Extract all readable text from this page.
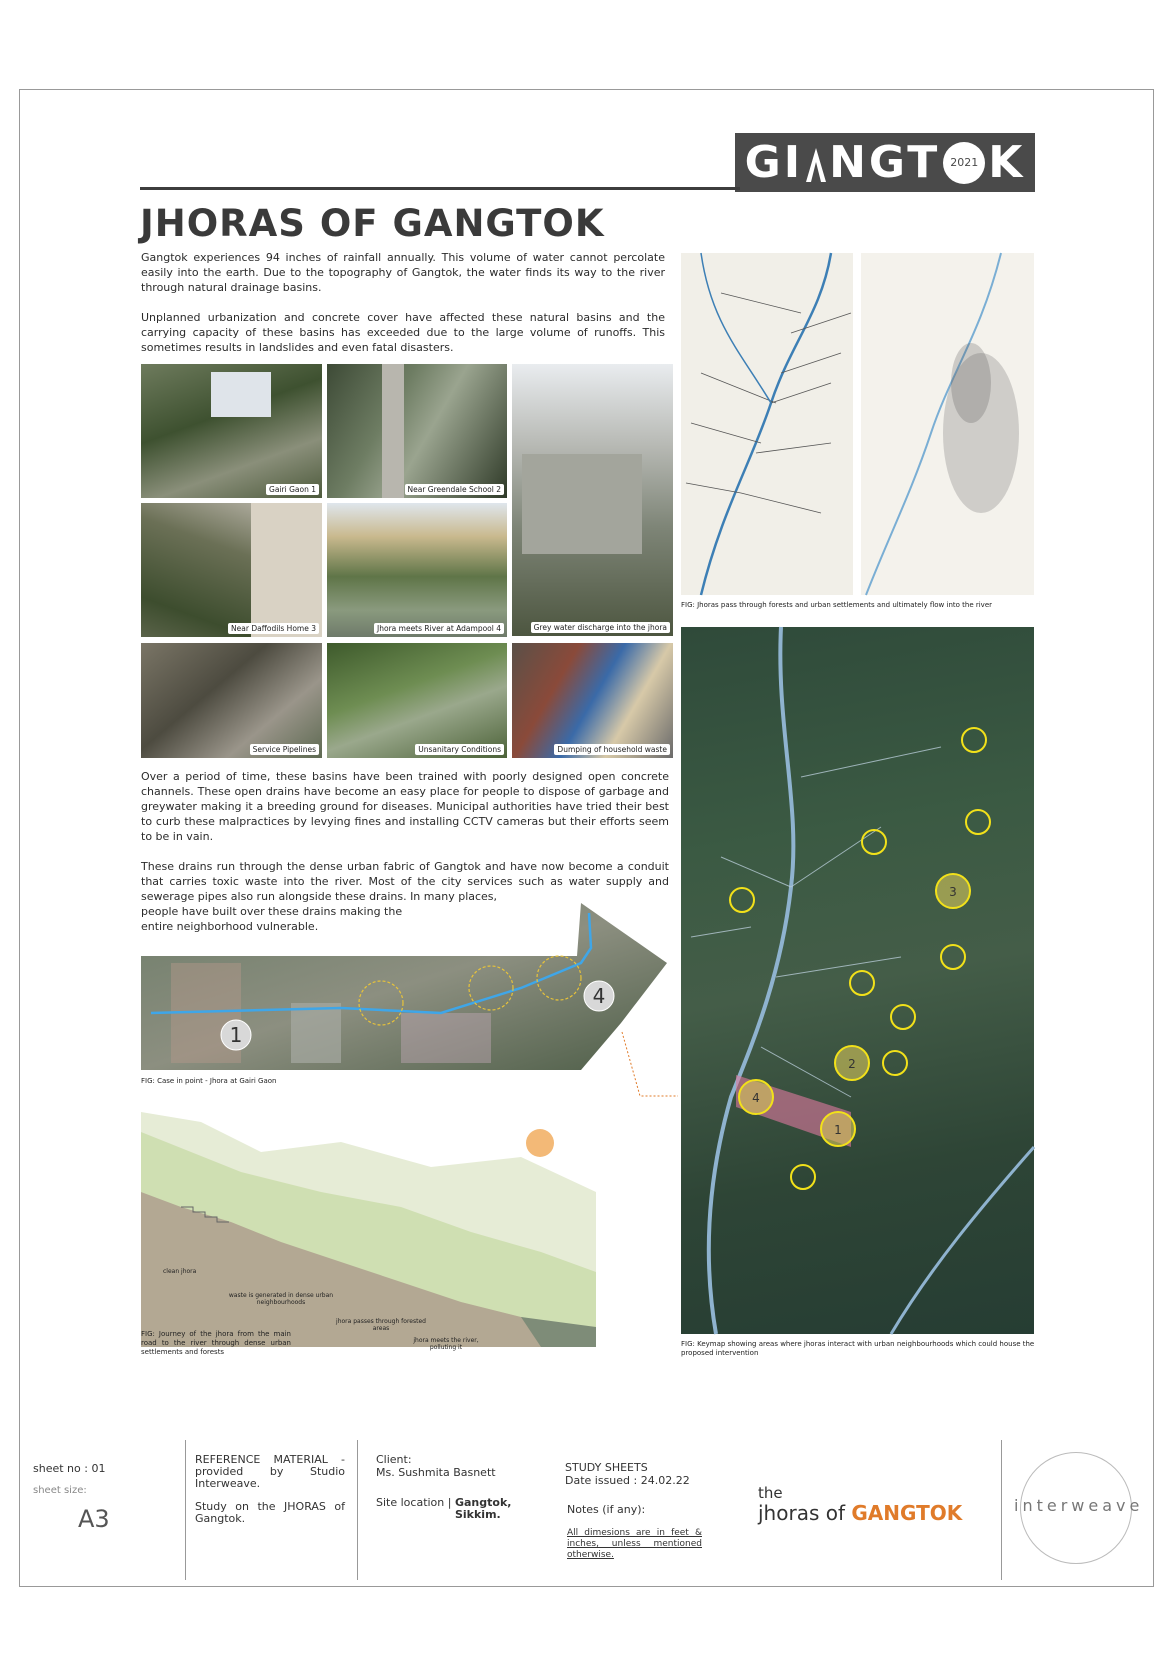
GI NGT 2021 K
JHORAS OF GANGTOK

Gangtok experiences 94 inches of rainfall annually. This volume of water cannot percolate easily into the earth. Due to the topography of Gangtok, the water finds its way to the river through natural drainage basins.

Unplanned urbanization and concrete cover have affected these natural basins and the carrying capacity of these basins has exceeded due to the large volume of runoffs. This sometimes results in landslides and even fatal disasters.

Gairi Gaon 1	Near Greendale School 2
Grey water discharge into the jhora
Near Daffodils Home 3	Jhora meets River at Adampool 4
Service Pipelines	Unsanitary Conditions	Dumping of household waste

Over a period of time, these basins have been trained with poorly designed open concrete channels. These open drains have become an easy place for people to dispose of garbage and greywater making it a breeding ground for diseases. Municipal authorities have tried their best to curb these malpractices by levying fines and installing CCTV cameras but their efforts seem to be in vain.

These drains run through the dense urban fabric of Gangtok and have now become a conduit that carries toxic waste into the river. Most of the city services such as water supply and sewerage pipes also run alongside these drains. In many places,

people have built over these drains making the

entire neighborhood vulnerable.

1
4
FIG: Case in point - Jhora at Gairi Gaon
clean jhora
waste is generated in dense urban neighbourhoods
jhora passes through forested areas
jhora meets the river, polluting it
FIG: Journey of the jhora from the main road to the river through dense urban settlements and forests
FIG: Jhoras pass through forests and urban settlements and ultimately flow into the river
3
2
1
4
FIG: Keymap showing areas where jhoras interact with urban neighbourhoods which could house the proposed intervention
sheet no : 01
sheet size:
A3
REFERENCE MATERIAL - provided by Studio Interweave.
Study on the JHORAS of Gangtok.
Client:
Ms. Sushmita Basnett
Site location | Gangtok, Sikkim.
STUDY SHEETS
Date issued : 24.02.22
Notes (if any):
All dimesions are in feet & inches, unless mentioned otherwise.
the
jhoras of GANGTOK	interweave
